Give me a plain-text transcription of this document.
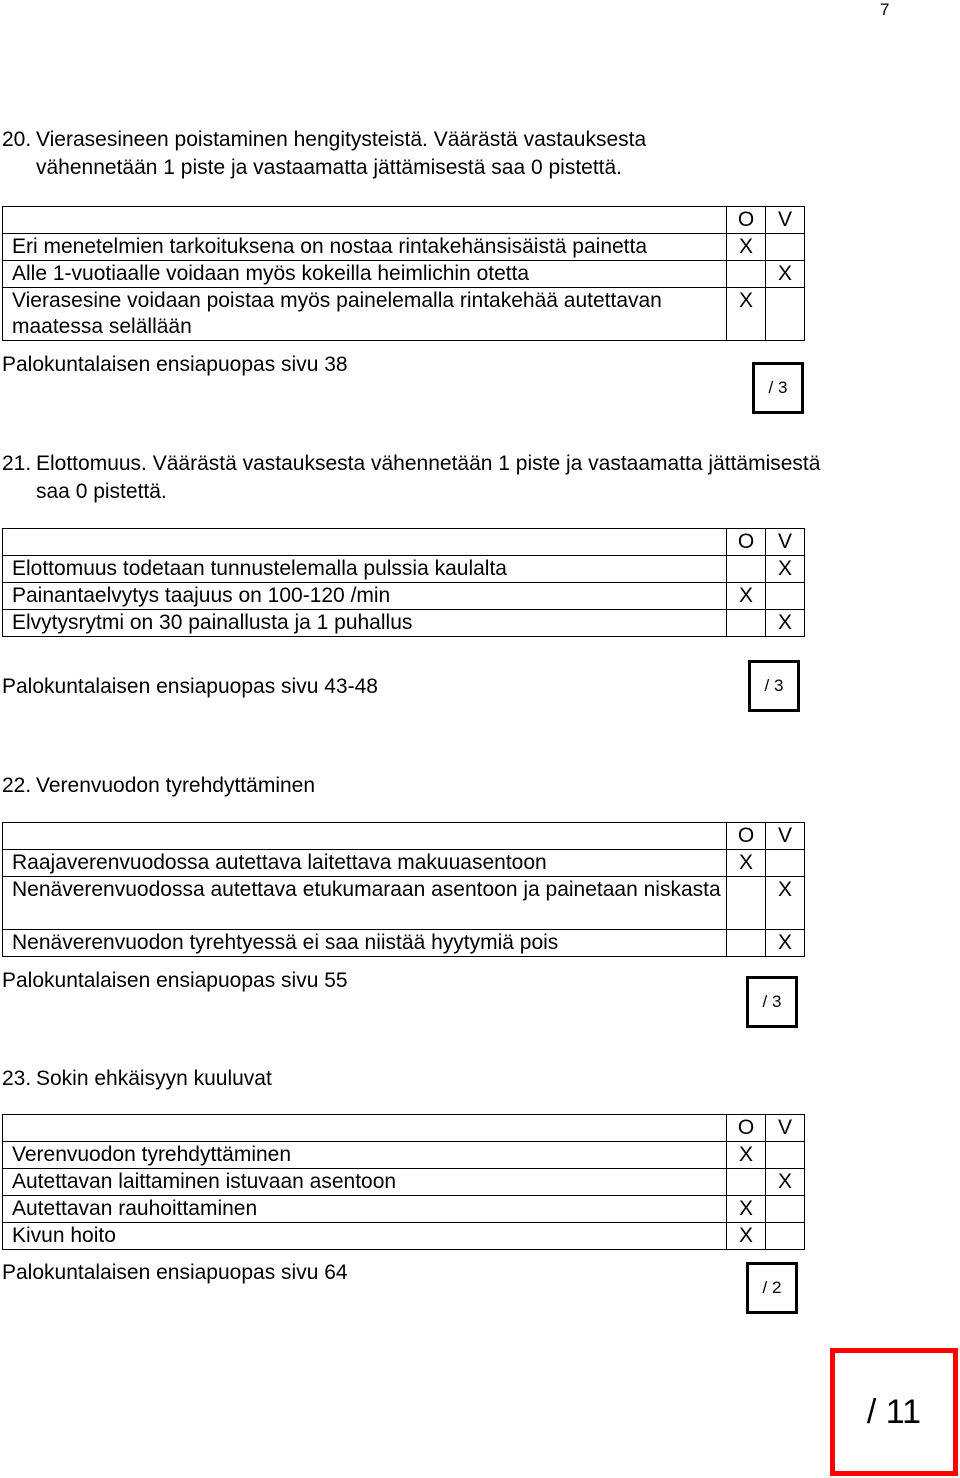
7
20. Vierasesineen poistaminen hengitysteistä. Väärästä vastauksesta
vähennetään 1 piste ja vastaamatta jättämisestä saa 0 pistettä.
	O	V
Eri menetelmien tarkoituksena on nostaa rintakehänsisäistä painetta	X	
Alle 1-vuotiaalle voidaan myös kokeilla heimlichin otetta		X
Vierasesine voidaan poistaa myös painelemalla rintakehää autettavan maatessa selällään	X	
Palokuntalaisen ensiapuopas sivu 38
/ 3
21. Elottomuus. Väärästä vastauksesta vähennetään 1 piste ja vastaamatta jättämisestä
saa 0 pistettä.
	O	V
Elottomuus todetaan tunnustelemalla pulssia kaulalta		X
Painantaelvytys taajuus on 100-120 /min	X	
Elvytysrytmi on 30 painallusta ja 1 puhallus		X
Palokuntalaisen ensiapuopas sivu 43-48	/ 3
22. Verenvuodon tyrehdyttäminen
	O	V
Raajaverenvuodossa autettava laitettava makuuasentoon	X	
Nenäverenvuodossa autettava etukumaraan asentoon ja painetaan niskasta		X
Nenäverenvuodon tyrehtyessä ei saa niistää hyytymiä pois		X
Palokuntalaisen ensiapuopas sivu 55
/ 3
23. Sokin ehkäisyyn kuuluvat
	O	V
Verenvuodon tyrehdyttäminen	X	
Autettavan laittaminen istuvaan asentoon		X
Autettavan rauhoittaminen	X	
Kivun hoito	X	
Palokuntalaisen ensiapuopas sivu 64
/ 2
/ 11
